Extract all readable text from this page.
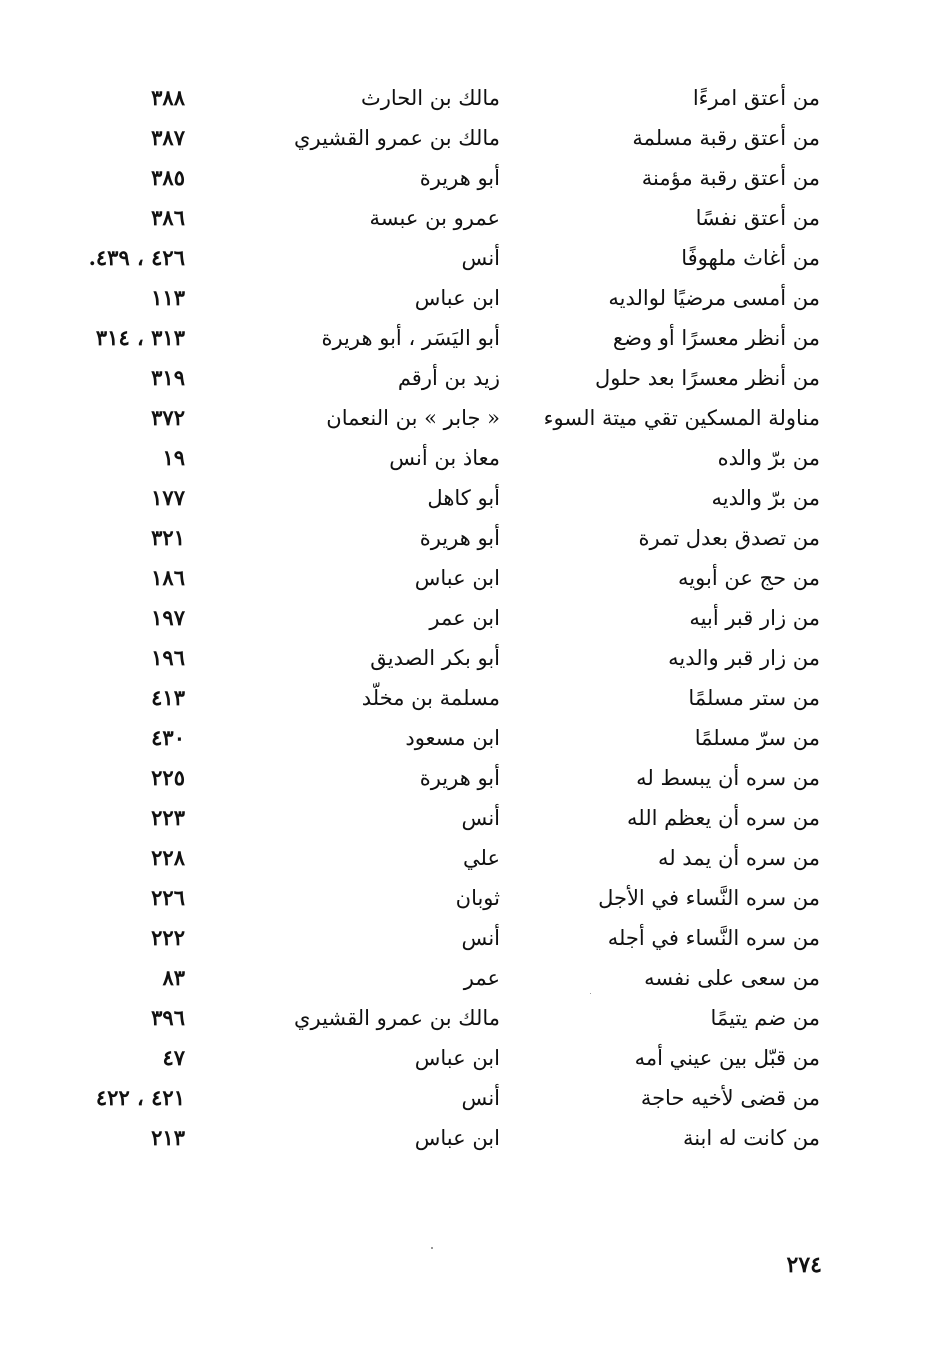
من أعتق امرءًا
مالك بن الحارث
٣٨٨
من أعتق رقبة مسلمة
مالك بن عمرو القشيري
٣٨٧
من أعتق رقبة مؤمنة
أبو هريرة
٣٨٥
من أعتق نفسًا
عمرو بن عبسة
٣٨٦
من أغاث ملهوفًا
أنس
٤٢٦ ، ٤٣٩.
من أمسى مرضيًا لوالديه
ابن عباس
١١٣
من أنظر معسرًا أو وضع
أبو اليَسَر ، أبو هريرة
٣١٣ ، ٣١٤
من أنظر معسرًا بعد حلول
زيد بن أرقم
٣١٩
مناولة المسكين تقي ميتة السوء
« جابر » بن النعمان
٣٧٢
من برّ والده
معاذ بن أنس
١٩
من برّ والديه
أبو كاهل
١٧٧
من تصدق بعدل تمرة
أبو هريرة
٣٢١
من حج عن أبويه
ابن عباس
١٨٦
من زار قبر أبيه
ابن عمر
١٩٧
من زار قبر والديه
أبو بكر الصديق
١٩٦
من ستر مسلمًا
مسلمة بن مخلّد
٤١٣
من سرّ مسلمًا
ابن مسعود
٤٣٠
من سره أن يبسط له
أبو هريرة
٢٢٥
من سره أن يعظم الله
أنس
٢٢٣
من سره أن يمد له
علي
٢٢٨
من سره النَّساء في الأجل
ثوبان
٢٢٦
من سره النَّساء في أجله
أنس
٢٢٢
من سعى على نفسه
عمر
٨٣
من ضم يتيمًا
مالك بن عمرو القشيري
٣٩٦
من قبّل بين عيني أمه
ابن عباس
٤٧
من قضى لأخيه حاجة
أنس
٤٢١ ، ٤٢٢
من كانت له ابنة
ابن عباس
٢١٣
٢٧٤
